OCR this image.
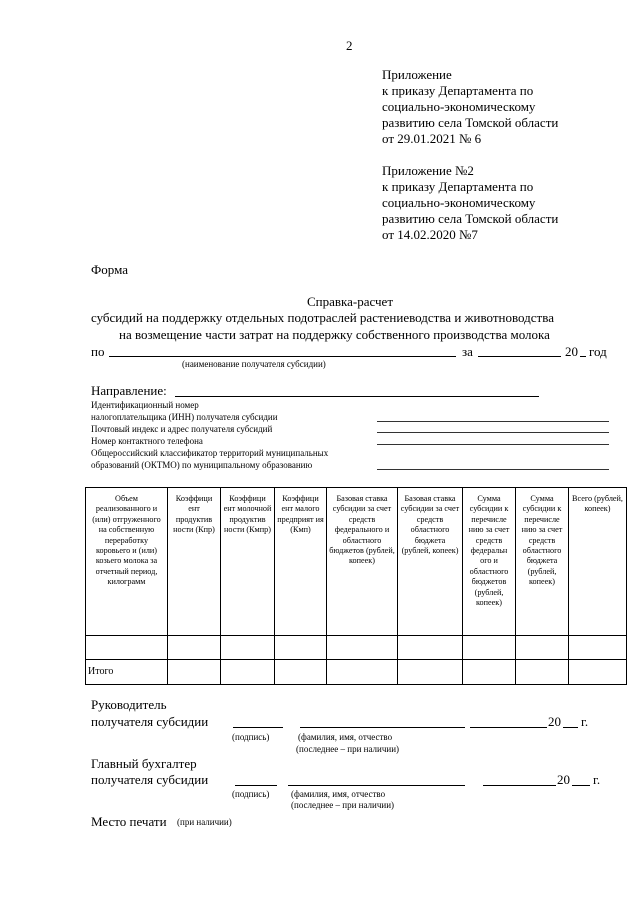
2
Приложение
к приказу Департамента по
социально-экономическому
развитию села Томской области
от 29.01.2021 № 6
Приложение №2
к приказу Департамента по
социально-экономическому
развитию села Томской области
от 14.02.2020 №7
Форма
Справка-расчет
субсидий на поддержку отдельных подотраслей растениеводства и животноводства
на возмещение части затрат на поддержку собственного производства молока
по	за	20 год
(наименование получателя субсидии)
Направление:
Идентификационный номер
налогоплательщика (ИНН) получателя субсидии
Почтовый индекс и адрес получателя субсидий
Номер контактного телефона
Общероссийский классификатор территорий муниципальных
образований (ОКТМО) по муниципальному образованию
Объем реализованного и (или) отгруженного на собственную переработку коровьего и (или) козьего молока за отчетный период, килограмм	Коэффици ент продуктив ности (Кпр)	Коэффици ент молочной продуктив ности (Кмпр)	Коэффици ент малого предприят ия (Кмп)	Базовая ставка субсидии за счет средств федерального и областного бюджетов (рублей, копеек)	Базовая ставка субсидии за счет средств областного бюджета (рублей, копеек)	Сумма субсидии к перечисле нию за счет средств федеральн ого и областного бюджетов (рублей, копеек)	Сумма субсидии к перечисле нию за счет средств областного бюджета (рублей, копеек)	Всего (рублей, копеек)

Итого								
Руководитель
получателя субсидии	20 г.
(подпись)	(фамилия, имя, отчество
(последнее – при наличии)
Главный бухгалтер
получателя субсидии	20 г.
(подпись) (фамилия, имя, отчество
(последнее – при наличии)
Место печати (при наличии)
